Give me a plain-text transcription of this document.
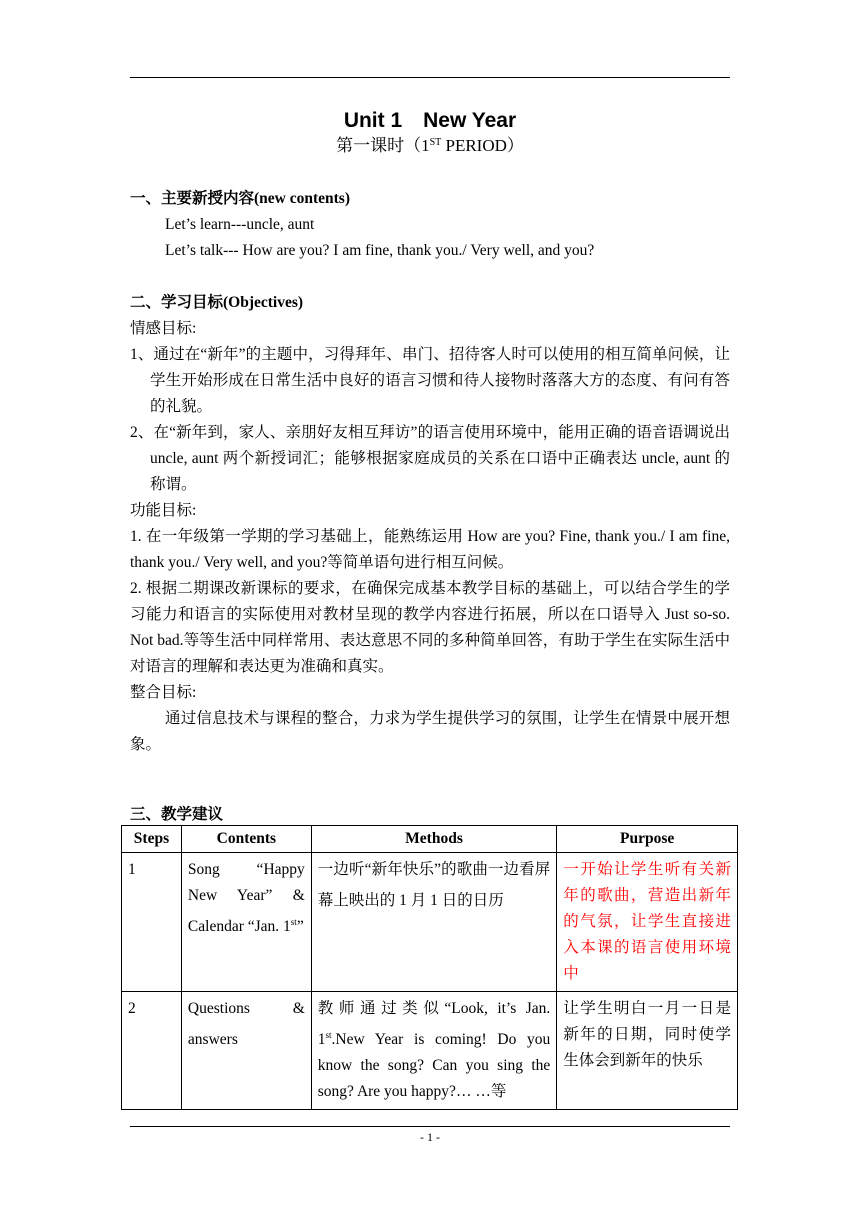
Unit 1　New Year
第一课时（1ST PERIOD）

一、主要新授内容(new contents)

Let’s learn---uncle, aunt

Let’s talk--- How are you? I am fine, thank you./ Very well, and you?

二、学习目标(Objectives)

情感目标:

1、通过在“新年”的主题中，习得拜年、串门、招待客人时可以使用的相互简单问候，让学生开始形成在日常生活中良好的语言习惯和待人接物时落落大方的态度、有问有答的礼貌。

2、在“新年到，家人、亲朋好友相互拜访”的语言使用环境中，能用正确的语音语调说出 uncle, aunt 两个新授词汇；能够根据家庭成员的关系在口语中正确表达 uncle, aunt 的称谓。

功能目标:

1. 在一年级第一学期的学习基础上，能熟练运用 How are you? Fine, thank you./ I am fine, thank you./ Very well, and you?等简单语句进行相互问候。

2. 根据二期课改新课标的要求，在确保完成基本教学目标的基础上，可以结合学生的学习能力和语言的实际使用对教材呈现的教学内容进行拓展，所以在口语导入 Just so-so. Not bad.等等生活中同样常用、表达意思不同的多种简单回答，有助于学生在实际生活中对语言的理解和表达更为准确和真实。

整合目标:

通过信息技术与课程的整合，力求为学生提供学习的氛围，让学生在情景中展开想象。

三、教学建议
Steps	Contents	Methods	Purpose
1	Song “Happy New Year” & Calendar “Jan. 1st”	一边听“新年快乐”的歌曲一边看屏幕上映出的 1 月 1 日的日历	一开始让学生听有关新年的歌曲，营造出新年的气氛，让学生直接进入本课的语言使用环境中
2	Questions & answers	教师通过类似“Look, it’s Jan. 1st.New Year is coming! Do you know the song? Can you sing the song? Are you happy?… …等	让学生明白一月一日是新年的日期，同时使学生体会到新年的快乐
- 1 -
